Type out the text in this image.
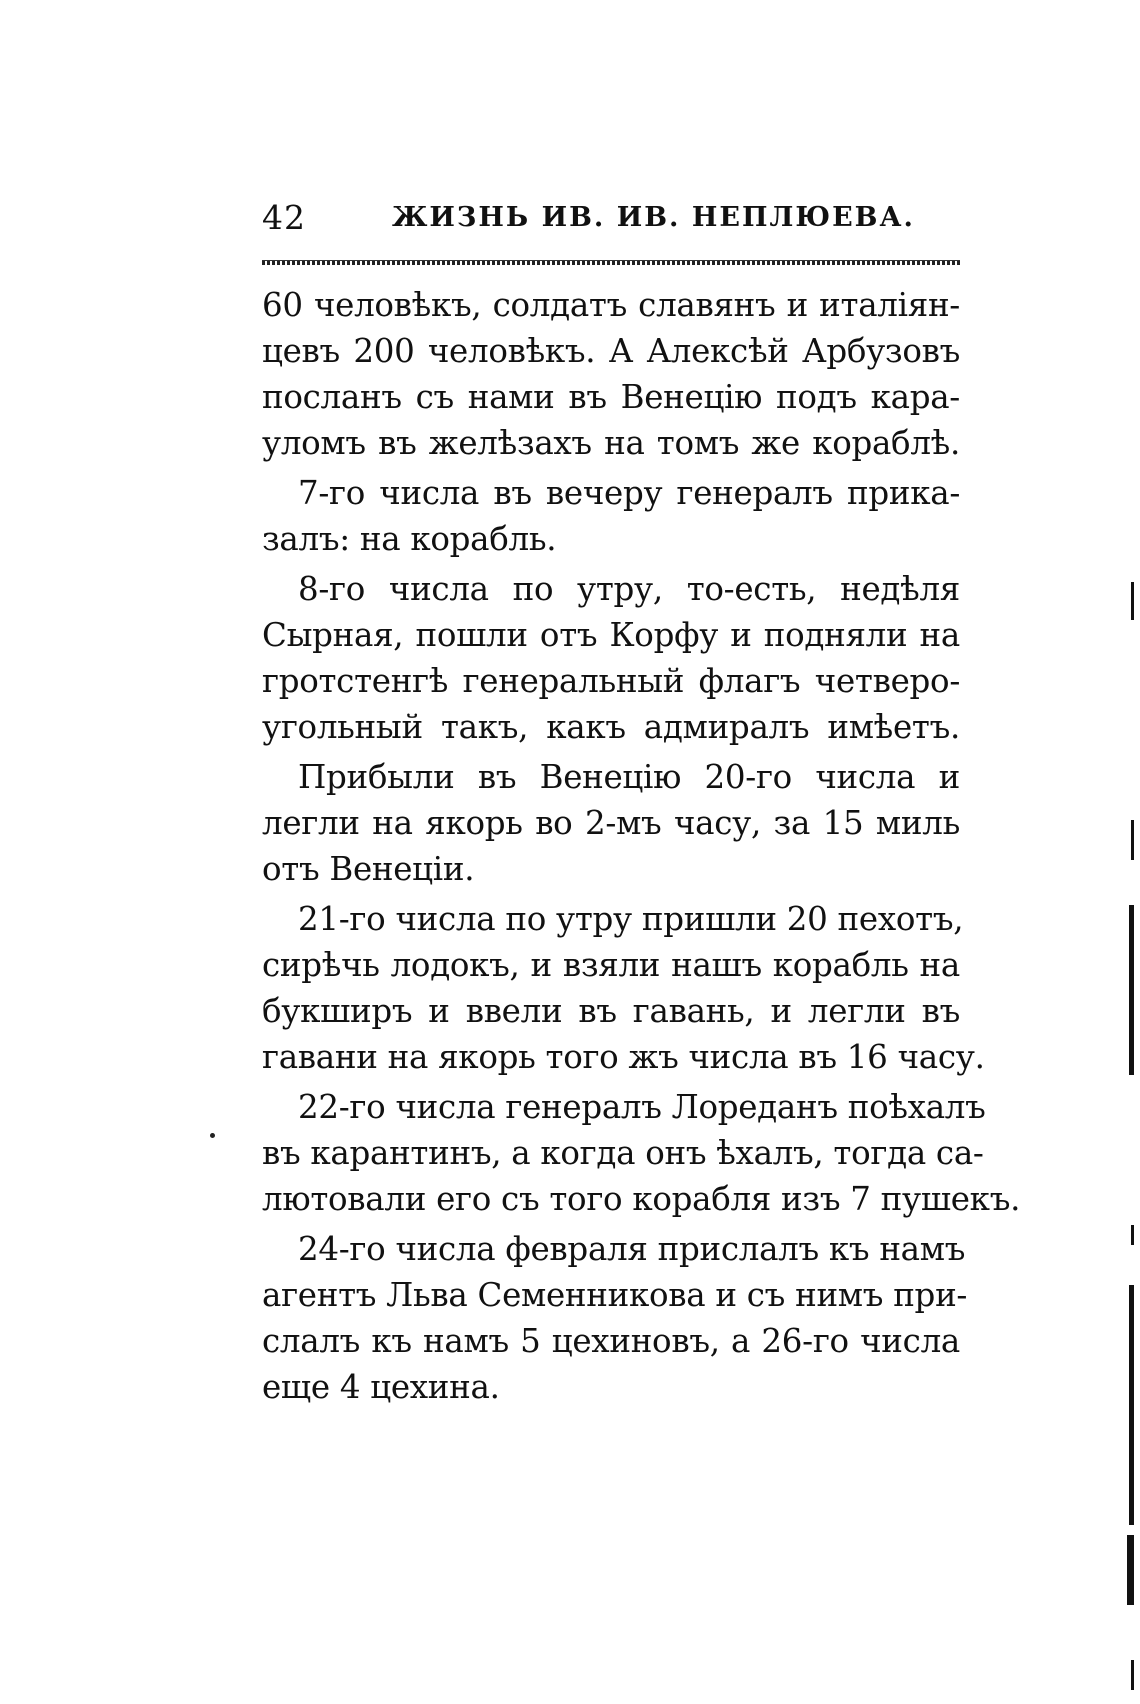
42	ЖИЗНЬ ИВ. ИВ. НЕПЛЮЕВА.

60 человѣкъ, солдатъ славянъ и италіян-
цевъ 200 человѣкъ. А Алексѣй Арбузовъ
посланъ съ нами въ Венецію подъ кара-
уломъ въ желѣзахъ на томъ же кораблѣ.

7-го числа въ вечеру генералъ прика-
залъ: на корабль.

8-го числа по утру, то-есть, недѣля
Сырная, пошли отъ Корфу и подняли на
гротстенгѣ генеральный флагъ четверо-
угольный такъ, какъ адмиралъ имѣетъ.

Прибыли въ Венецію 20-го числа и
легли на якорь во 2-мъ часу, за 15 миль
отъ Венеціи.

21-го числа по утру пришли 20 пехотъ,
сирѣчь лодокъ, и взяли нашъ корабль на
букширъ и ввели въ гавань, и легли въ
гавани на якорь того жъ числа въ 16 часу.

22-го числа генералъ Лореданъ поѣхалъ
въ карантинъ, а когда онъ ѣхалъ, тогда са-
лютовали его съ того корабля изъ 7 пушекъ.

24-го числа февраля прислалъ къ намъ
агентъ Льва Семенникова и съ нимъ при-
слалъ къ намъ 5 цехиновъ, а 26-го числа
еще 4 цехина.
